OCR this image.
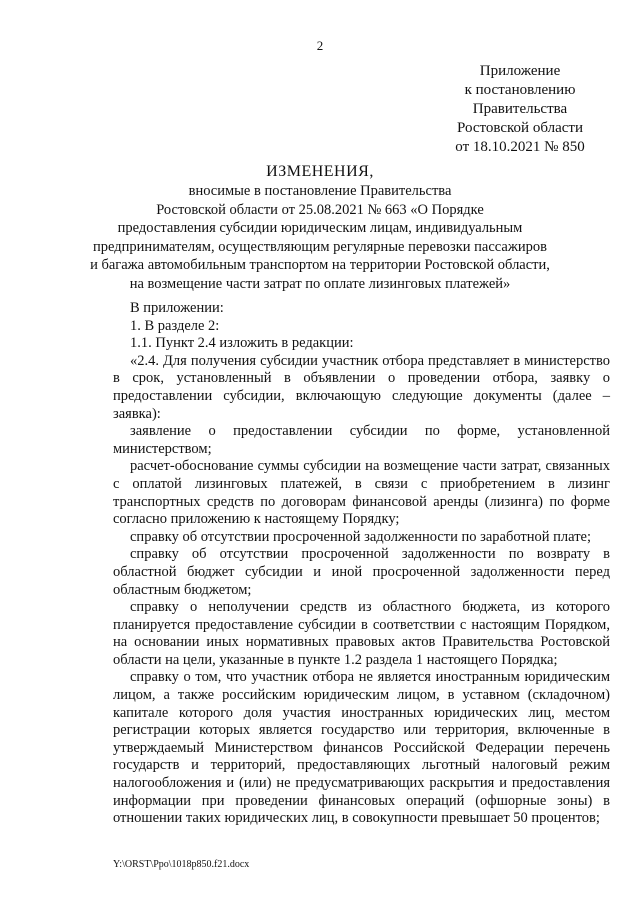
2
Приложение
к постановлению
Правительства
Ростовской области
от 18.10.2021 № 850
ИЗМЕНЕНИЯ,
вносимые в постановление Правительства
Ростовской области от 25.08.2021 № 663 «О Порядке
предоставления субсидии юридическим лицам, индивидуальным
предпринимателям, осуществляющим регулярные перевозки пассажиров
и багажа автомобильным транспортом на территории Ростовской области,
на возмещение части затрат по оплате лизинговых платежей»

В приложении:

1. В разделе 2:

1.1. Пункт 2.4 изложить в редакции:

«2.4. Для получения субсидии участник отбора представляет в министерство в срок, установленный в объявлении о проведении отбора, заявку о предоставлении субсидии, включающую следующие документы (далее – заявка):

заявление о предоставлении субсидии по форме, установленной министерством;

расчет-обоснование суммы субсидии на возмещение части затрат, связанных с оплатой лизинговых платежей, в связи с приобретением в лизинг транспортных средств по договорам финансовой аренды (лизинга) по форме согласно приложению к настоящему Порядку;

справку об отсутствии просроченной задолженности по заработной плате;

справку об отсутствии просроченной задолженности по возврату в областной бюджет субсидии и иной просроченной задолженности перед областным бюджетом;

справку о неполучении средств из областного бюджета, из которого планируется предоставление субсидии в соответствии с настоящим Порядком, на основании иных нормативных правовых актов Правительства Ростовской области на цели, указанные в пункте 1.2 раздела 1 настоящего Порядка;

справку о том, что участник отбора не является иностранным юридическим лицом, а также российским юридическим лицом, в уставном (складочном) капитале которого доля участия иностранных юридических лиц, местом регистрации которых является государство или территория, включенные в утверждаемый Министерством финансов Российской Федерации перечень государств и территорий, предоставляющих льготный налоговый режим налогообложения и (или) не предусматривающих раскрытия и предоставления информации при проведении финансовых операций (офшорные зоны) в отношении таких юридических лиц, в совокупности превышает 50 процентов;

Y:\ORST\Ppo\1018p850.f21.docx
